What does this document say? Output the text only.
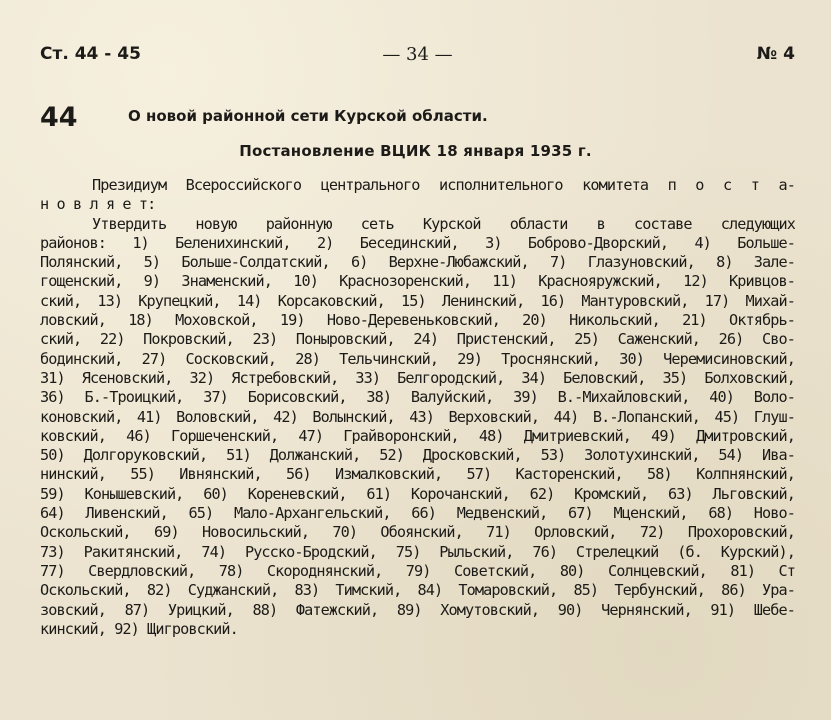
Ст. 44 - 45	— 34 —	№ 4
44	О новой районной сети Курской области.
Постановление ВЦИК 18 января 1935 г.
Президиум Всероссийского центрального исполнительного комитета п о с т а-
н о в л я е т:
Утвердить новую районную сеть Курской области в составе следующих
районов: 1) Беленихинский, 2) Бесединский, 3) Боброво-Дворский, 4) Больше-
Полянский, 5) Больше-Солдатский, 6) Верхне-Любажский, 7) Глазуновский, 8) Зале-
гощенский, 9) Знаменский, 10) Краснозоренский, 11) Краснояружский, 12) Кривцов-
ский, 13) Крупецкий, 14) Корсаковский, 15) Ленинский, 16) Мантуровский, 17) Михай-
ловский, 18) Моховской, 19) Ново-Деревеньковский, 20) Никольский, 21) Октябрь-
ский, 22) Покровский, 23) Поныровский, 24) Пристенский, 25) Саженский, 26) Сво-
бодинский, 27) Сосковский, 28) Тельчинский, 29) Троснянский, 30) Черемисиновский,
31) Ясеновский, 32) Ястребовский, 33) Белгородский, 34) Беловский, 35) Болховский,
36) Б.-Троицкий, 37) Борисовский, 38) Валуйский, 39) В.-Михайловский, 40) Воло-
коновский, 41) Воловский, 42) Волынский, 43) Верховский, 44) В.-Лопанский, 45) Глуш-
ковский, 46) Горшеченский, 47) Грайворонский, 48) Дмитриевский, 49) Дмитровский,
50) Долгоруковский, 51) Должанский, 52) Дросковский, 53) Золотухинский, 54) Ива-
нинский, 55) Ивнянский, 56) Измалковский, 57) Касторенский, 58) Колпнянский,
59) Конышевский, 60) Кореневский, 61) Корочанский, 62) Кромский, 63) Льговский,
64) Ливенский, 65) Мало-Архангельский, 66) Медвенский, 67) Мценский, 68) Ново-
Оскольский, 69) Новосильский, 70) Обоянский, 71) Орловский, 72) Прохоровский,
73) Ракитянский, 74) Русско-Бродский, 75) Рыльский, 76) Стрелецкий (б. Курский),
77) Свердловский, 78) Скороднянский, 79) Советский, 80) Солнцевский, 81) Ст
Оскольский, 82) Суджанский, 83) Тимский, 84) Томаровский, 85) Тербунский, 86) Ура-
зовский, 87) Урицкий, 88) Фатежский, 89) Хомутовский, 90) Чернянский, 91) Шебе-
кинский, 92) Щигровский.
